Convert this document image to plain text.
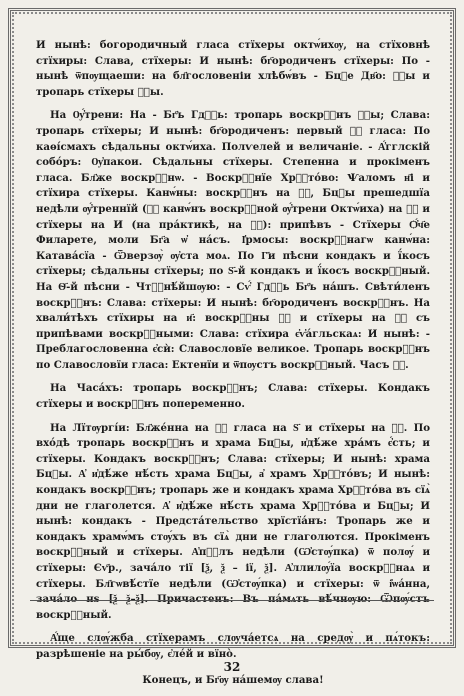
И нынѣ: богородичный гласа стїхеры октѡ́ихѹ, на стїховнѣ стїхиры: Слава, стїхеры: И нынѣ: бг҃ородиченъ стїхеры: По - нынѣ ѿпѹщаеши: на бл҃гословеніи хлѣбѡ́въ - Бцⷣе Дв҃о: ѯⷣы и тропарь стїхеры ѯⷣы.

На Ѹ҆́трени: На - Бг҃ъ Гдⷭ҇ь: тропарь воскрⷭ҇нъ ѯⷣы; Слава: тропарь стїхеры; И нынѣ: бг҃ородиченъ: первый ѯⷣ гласа: По каѳі́смахъ сѣдальны октѡ́иха. Полѵелей и величаніе. - А҆́гглскій собо́ръ: Ѹ҆пакои. Сѣдальны стїхеры. Степенна и прокіменъ гласа. Бл҃же воскрⷭ҇нѡ. - Воскрⷭ҇нїе Хрⷭ҇то́во: Ѱаломъ н҃і и стїхира стїхеры. Канѡ́ны: воскрⷭ҇нъ на ѯⷣ, Бцⷣы прешедшїа недѣли ѹ҆́треннїй (ѯⷣ канѡ́нъ воскрⷭ҇ной ѹ҆́трени Октѡ́иха) на ѯⷣ и стїхеры на И (на пра́ктикѣ, на ѯⷣ): припѣвъ - Стїхеры Ѻ҆́ч҃е Филарете, моли Бг҃а ѡ҆ на́съ. І҆рмосы: воскрⷭ҇нагѡ канѡ́на: Катава́сїа - Ѿверзѹ̀ ѹ҆ста моѧ. По Г҃и пѣсни кондакъ и ї́косъ стїхеры; сѣдальны стїхеры; по Ѕ҃-й кондакъ и ї́косъ воскрⷭ҇ный. На Ѳ҃-й пѣсни - Чтⷭ҇нѣ́йшѹю: - Сѵ҆́ Гдⷭ҇ь Бг҃ъ на́шъ. Свѣти́ленъ воскрⷭ҇нъ: Слава: стїхеры: И нынѣ: бг҃ородиченъ воскрⷭ҇нъ. На хвали́тѣхъ стїхиры на и҃: воскрⷭ҇ны ѯⷣ и стїхеры на ѯⷣ съ припѣвами воскрⷭ҇ными: Слава: стїхира є҆ѵ҆а́гльскаѧ: И нынѣ: - Преблагословенна є҆сѝ: Славословїе великое. Тропарь воскрⷭ҇нъ по Славословїи гласа: Ектенїи и ѿпѹстъ воскрⷭ҇ный. Часъ ѯⷣ.

На Часа́хъ: тропарь воскрⷭ҇нъ; Слава: стїхеры. Кондакъ стїхеры и воскрⷭ҇нъ попеременно.

На Лїтѹргі́и: Бл҃же́нна на ѯⷣ гласа на Ѕ҃ и стїхеры на ѯⷣ. По вхо́дѣ тропарь воскрⷭ҇нъ и храма Бцⷣы, и҆дѣ́же хра́мъ є҆́сть; и стїхеры. Кондакъ воскрⷭ҇нъ; Слава: стїхеры; И нынѣ: храма Бцⷣы. А҆ и҆дѣ́же нѣ́сть храма Бцⷣы, а҆ храмъ Хрⷭ҇то́въ; И нынѣ: кондакъ воскрⷭ҇нъ; тропарь же и кондакъ храма Хрⷭ҇то́ва въ сїѧ̀ дни не глаголется. А҆ и҆дѣ́же нѣ́сть храма Хрⷭ҇то́ва и Бцⷣы; И нынѣ: кондакъ - Предста́тельство хрїстїа́нъ: Тропарь же и кондакъ храмѡ́мъ стѹ́хъ въ сїѧ̀ дни не глаголются. Прокіменъ воскрⷭ҇ный и стїхеры. А҆пⷭ҇лъ недѣли (Ѡ҆стѹ́пка) ѿ полѹ́ и стїхеры: Єѵ҃р., зача́ло тії [ѯ, ѯ – ії, ѯ]. А҆ллилѹ́їа воскрⷭ҇наѧ и стїхеры. Бл҃гѡвѣ́стїе недѣли (Ѡ҆стѹ́пка) и стїхеры: ѿ і҆ѡа́нна, зача́ло нѕ [ѯ ѯ–ѯ]. Причастенъ: Въ па́мѧть вѣ́чнѹю: Ѿпѹ́стъ воскрⷭ҇ный.

А҆́ще слѹ́жба стїхерамъ слѹча́етсѧ на средѹ̀ и пѧ́токъ: разрѣшеніе на ры́бѹ, є҆ле́й и вїно̀.

Конецъ, и Бг҃ѹ на́шемѹ слава!

32
